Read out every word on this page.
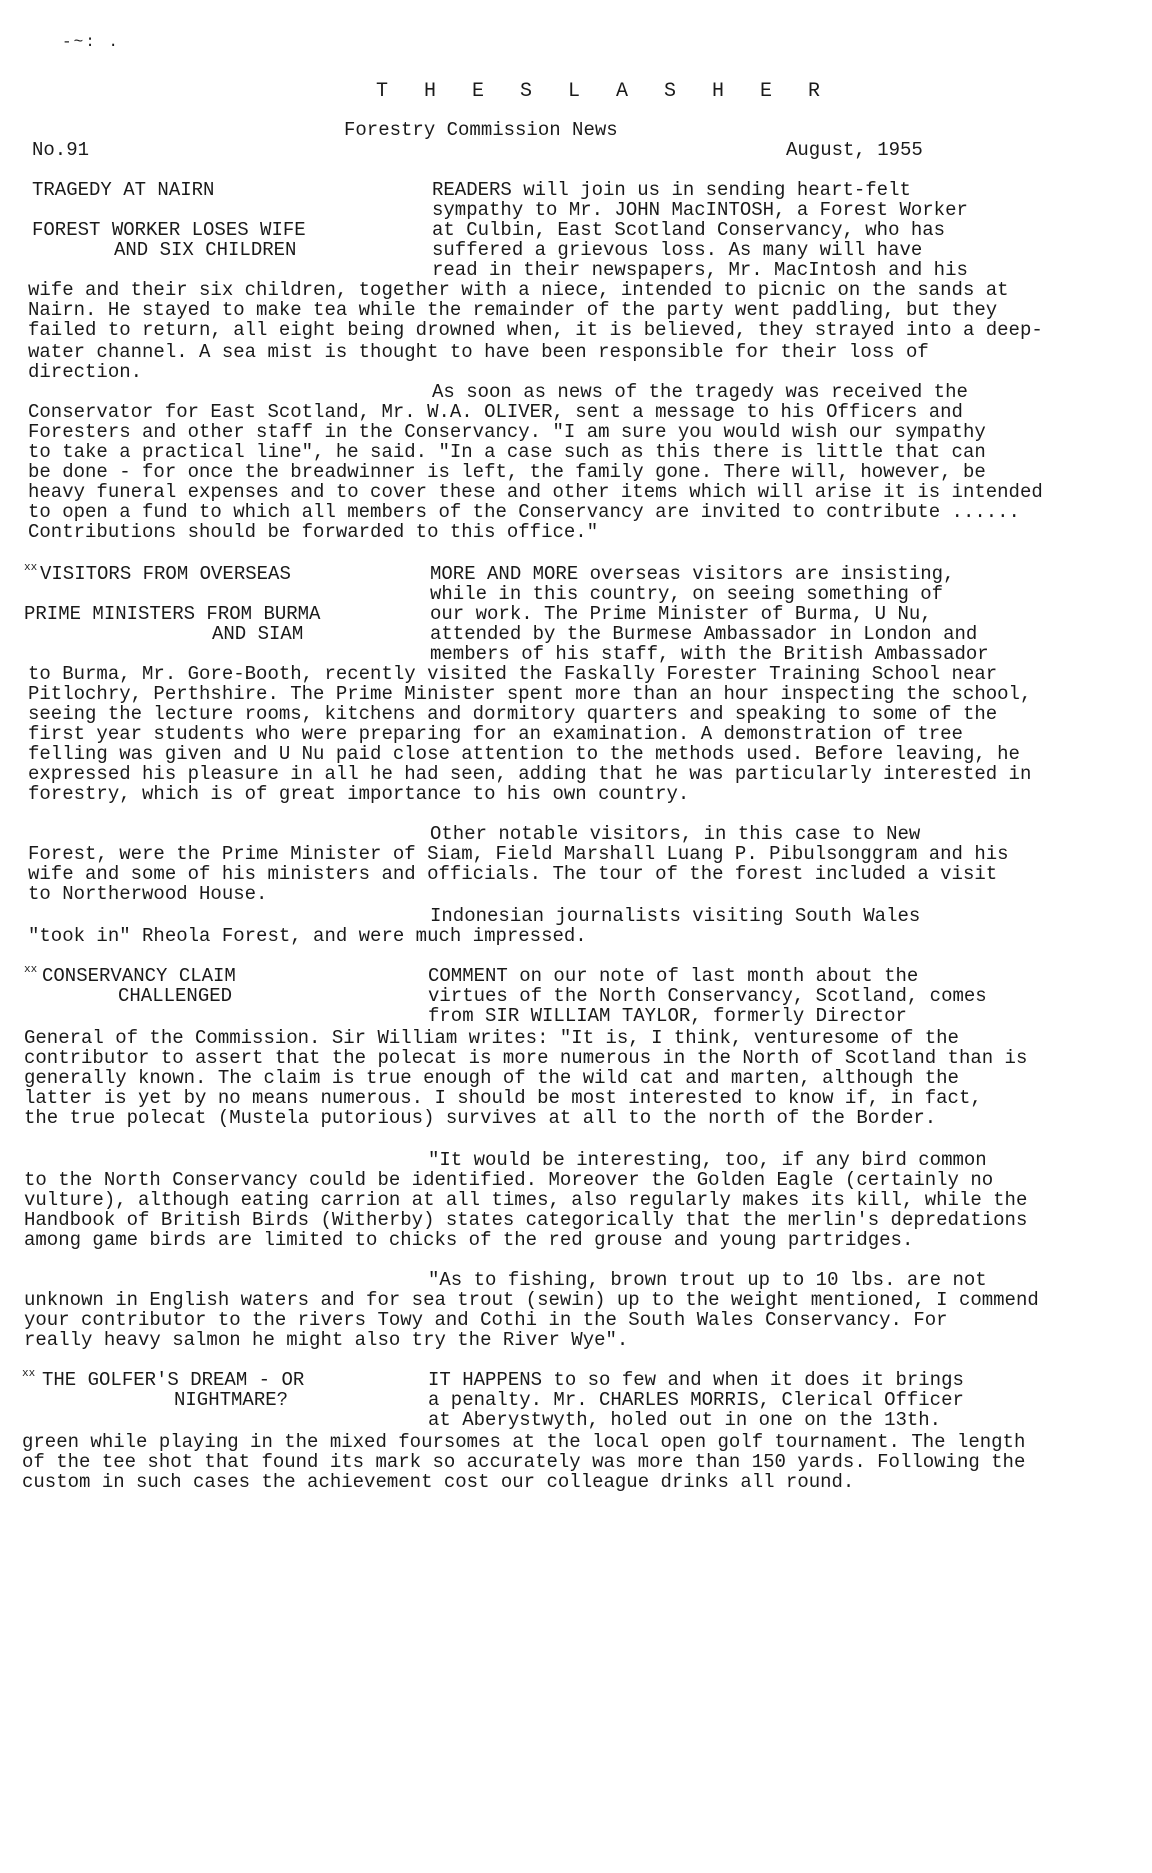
-~: .
T H E S L A S H E R
Forestry Commission News
No.91	August, 1955
TRAGEDY AT NAIRN
FOREST WORKER LOSES WIFE
AND SIX CHILDREN
READERS will join us in sending heart-felt
sympathy to Mr. JOHN MacINTOSH, a Forest Worker
at Culbin, East Scotland Conservancy, who has
suffered a grievous loss. As many will have
read in their newspapers, Mr. MacIntosh and his
wife and their six children, together with a niece, intended to picnic on the sands at
Nairn. He stayed to make tea while the remainder of the party went paddling, but they
failed to return, all eight being drowned when, it is believed, they strayed into a deep-
water channel. A sea mist is thought to have been responsible for their loss of
direction.
As soon as news of the tragedy was received the
Conservator for East Scotland, Mr. W.A. OLIVER, sent a message to his Officers and
Foresters and other staff in the Conservancy. "I am sure you would wish our sympathy
to take a practical line", he said. "In a case such as this there is little that can
be done - for once the breadwinner is left, the family gone. There will, however, be
heavy funeral expenses and to cover these and other items which will arise it is intended
to open a fund to which all members of the Conservancy are invited to contribute ......
Contributions should be forwarded to this office."
xx VISITORS FROM OVERSEAS
PRIME MINISTERS FROM BURMA
AND SIAM
MORE AND MORE overseas visitors are insisting,
while in this country, on seeing something of
our work. The Prime Minister of Burma, U Nu,
attended by the Burmese Ambassador in London and
members of his staff, with the British Ambassador
to Burma, Mr. Gore-Booth, recently visited the Faskally Forester Training School near
Pitlochry, Perthshire. The Prime Minister spent more than an hour inspecting the school,
seeing the lecture rooms, kitchens and dormitory quarters and speaking to some of the
first year students who were preparing for an examination. A demonstration of tree
felling was given and U Nu paid close attention to the methods used. Before leaving, he
expressed his pleasure in all he had seen, adding that he was particularly interested in
forestry, which is of great importance to his own country.
Other notable visitors, in this case to New
Forest, were the Prime Minister of Siam, Field Marshall Luang P. Pibulsonggram and his
wife and some of his ministers and officials. The tour of the forest included a visit
to Northerwood House.
Indonesian journalists visiting South Wales
"took in" Rheola Forest, and were much impressed.
xx CONSERVANCY CLAIM
CHALLENGED
COMMENT on our note of last month about the
virtues of the North Conservancy, Scotland, comes
from SIR WILLIAM TAYLOR, formerly Director
General of the Commission. Sir William writes: "It is, I think, venturesome of the
contributor to assert that the polecat is more numerous in the North of Scotland than is
generally known. The claim is true enough of the wild cat and marten, although the
latter is yet by no means numerous. I should be most interested to know if, in fact,
the true polecat (Mustela putorious) survives at all to the north of the Border.
"It would be interesting, too, if any bird common
to the North Conservancy could be identified. Moreover the Golden Eagle (certainly no
vulture), although eating carrion at all times, also regularly makes its kill, while the
Handbook of British Birds (Witherby) states categorically that the merlin's depredations
among game birds are limited to chicks of the red grouse and young partridges.
"As to fishing, brown trout up to 10 lbs. are not
unknown in English waters and for sea trout (sewin) up to the weight mentioned, I commend
your contributor to the rivers Towy and Cothi in the South Wales Conservancy. For
really heavy salmon he might also try the River Wye".
xx THE GOLFER'S DREAM - OR
NIGHTMARE?
IT HAPPENS to so few and when it does it brings
a penalty. Mr. CHARLES MORRIS, Clerical Officer
at Aberystwyth, holed out in one on the 13th.
green while playing in the mixed foursomes at the local open golf tournament. The length
of the tee shot that found its mark so accurately was more than 150 yards. Following the
custom in such cases the achievement cost our colleague drinks all round.
